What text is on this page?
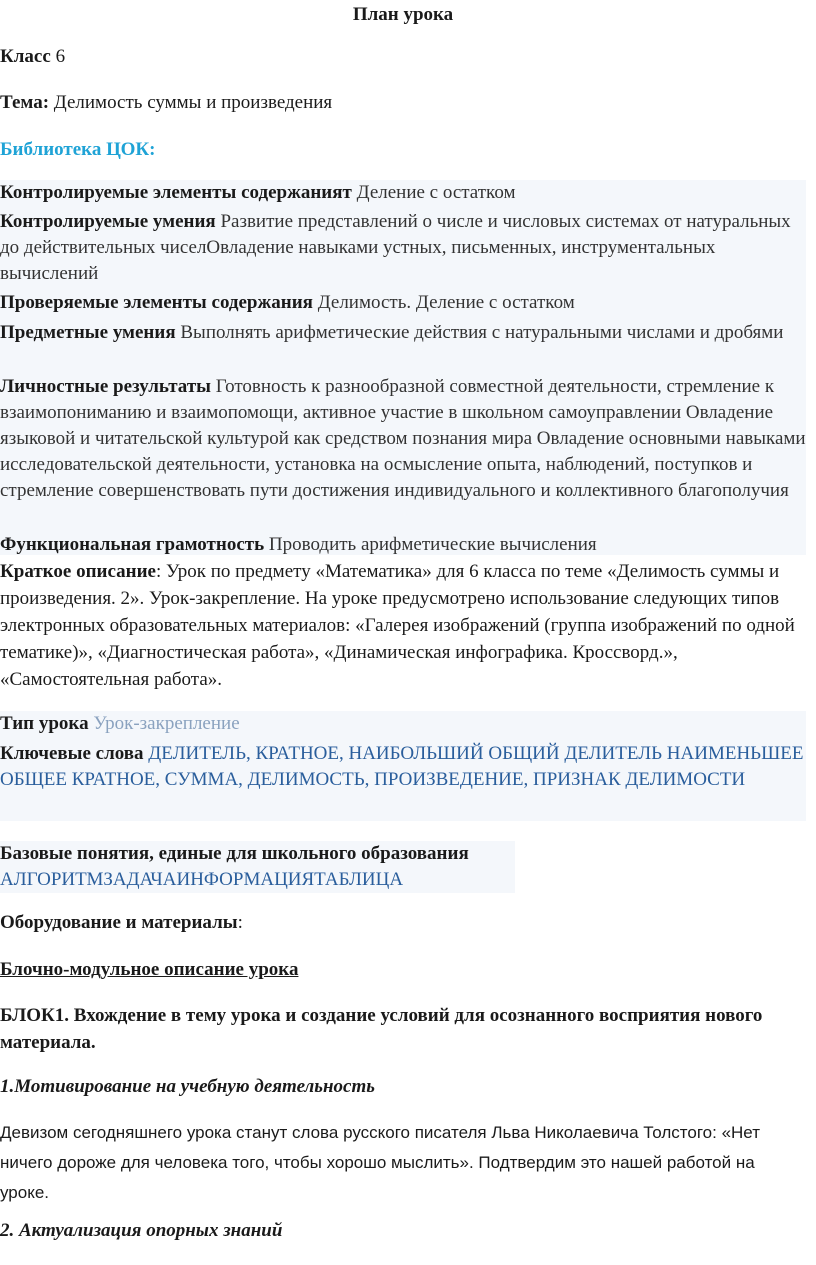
План урока
Класс 6
Тема: Делимость суммы и произведения
Библиотека ЦОК:
Контролируемые элементы содержаният Деление с остатком
Контролируемые умения Развитие представлений о числе и числовых системах от натуральных до действительных чиселОвладение навыками устных, письменных, инструментальных вычислений
Проверяемые элементы содержания Делимость. Деление с остатком
Предметные умения Выполнять арифметические действия с натуральными числами и дробями
Личностные результаты Готовность к разнообразной совместной деятельности, стремление к взаимопониманию и взаимопомощи, активное участие в школьном самоуправлении Овладение языковой и читательской культурой как средством познания мира Овладение основными навыками исследовательской деятельности, установка на осмысление опыта, наблюдений, поступков и стремление совершенствовать пути достижения индивидуального и коллективного благополучия
Функциональная грамотность Проводить арифметические вычисления
Краткое описание: Урок по предмету «Математика» для 6 класса по теме «Делимость суммы и произведения. 2». Урок-закрепление. На уроке предусмотрено использование следующих типов электронных образовательных материалов: «Галерея изображений (группа изображений по одной тематике)», «Диагностическая работа», «Динамическая инфографика. Кроссворд.», «Самостоятельная работа».
Тип урока Урок-закрепление
Ключевые слова ДЕЛИТЕЛЬ, КРАТНОЕ, НАИБОЛЬШИЙ ОБЩИЙ ДЕЛИТЕЛЬ НАИМЕНЬШЕЕ ОБЩЕЕ КРАТНОЕ, СУММА, ДЕЛИМОСТЬ, ПРОИЗВЕДЕНИЕ, ПРИЗНАК ДЕЛИМОСТИ
Базовые понятия, единые для школьного образования
АЛГОРИТМЗАДАЧАИНФОРМАЦИЯТАБЛИЦА
Оборудование и материалы:
Блочно-модульное описание урока
БЛОК1. Вхождение в тему урока и создание условий для осознанного восприятия нового материала.
1.Мотивирование на учебную деятельность
Девизом сегодняшнего урока станут слова русского писателя Льва Николаевича Толстого: «Нет ничего дороже для человека того, чтобы хорошо мыслить». Подтвердим это нашей работой на уроке.
2. Актуализация опорных знаний
